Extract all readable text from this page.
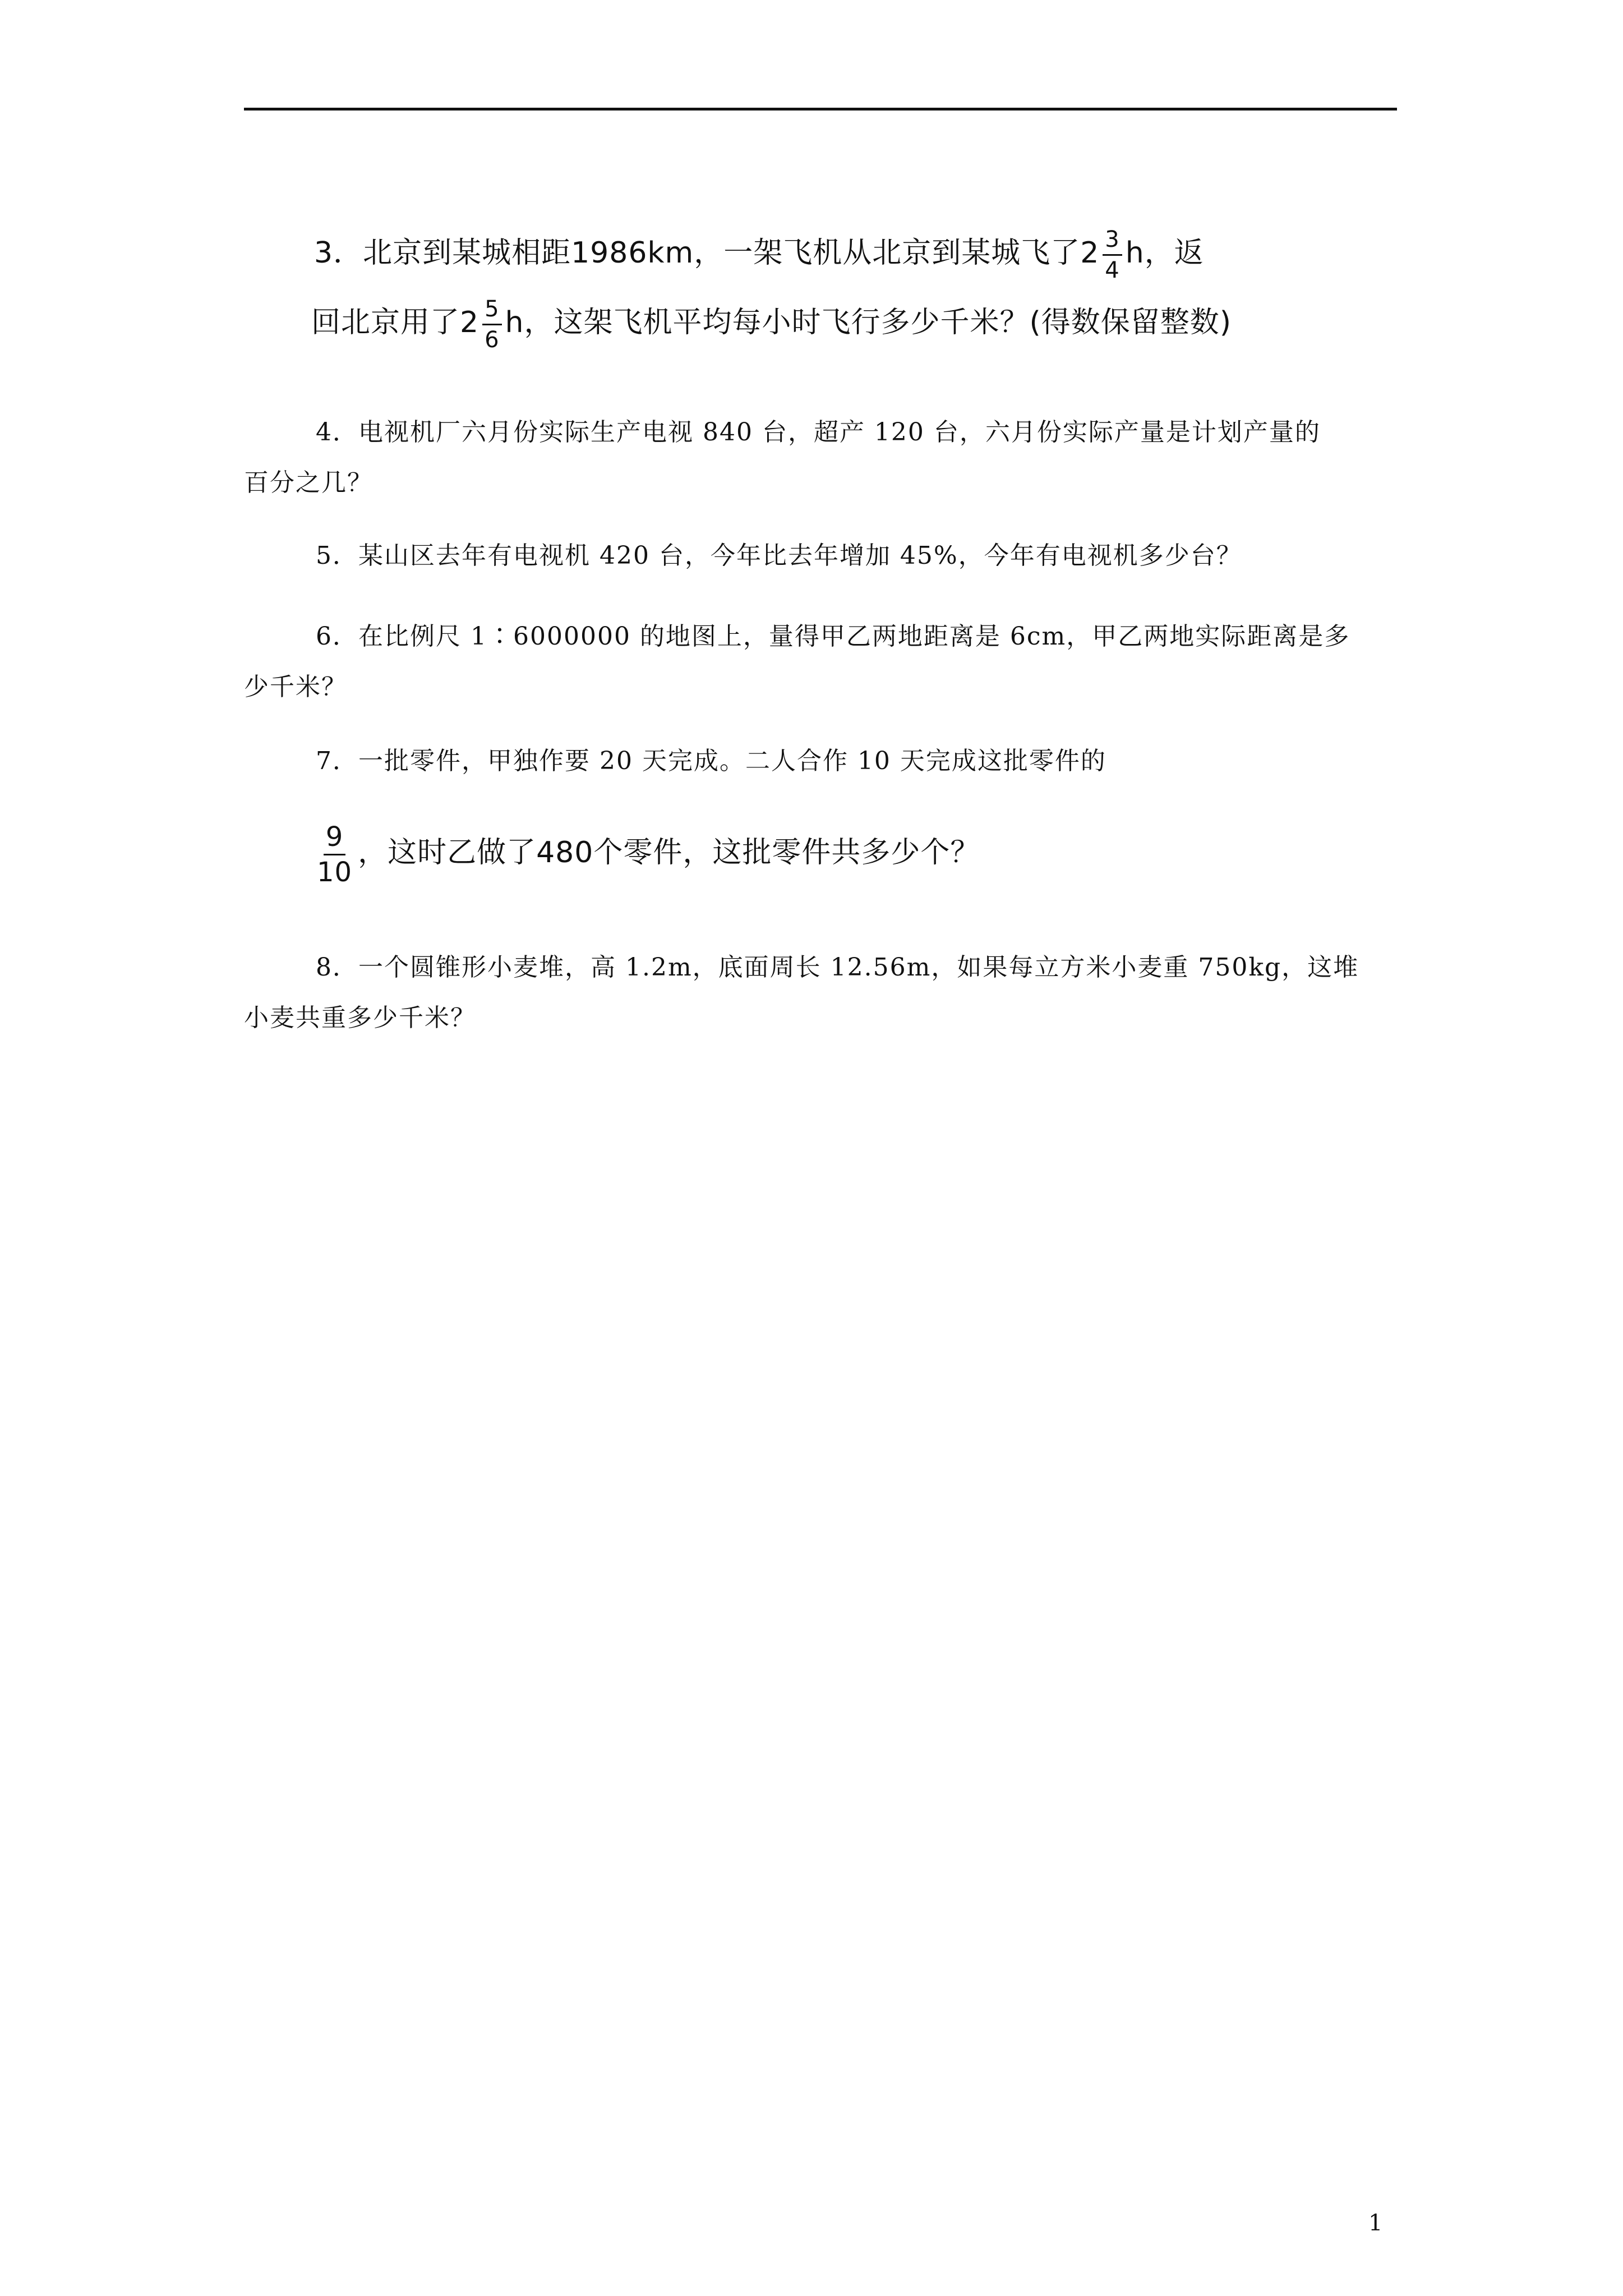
3．北京到某城相距1986km，一架飞机从北京到某城飞了$2 \frac{3}{4}$ h，返
回北京用了$2 \frac{5}{6}$ h，这架飞机平均每小时飞行多少千米？(得数保留整数)
4．电视机厂六月份实际生产电视 840 台，超产 120 台，六月份实际产量是计划产量的
百分之几？
5．某山区去年有电视机 420 台，今年比去年增加 45%，今年有电视机多少台？
6．在比例尺 1∶6000000 的地图上，量得甲乙两地距离是 6cm，甲乙两地实际距离是多
少千米？
7．一批零件，甲独作要 20 天完成。二人合作 10 天完成这批零件的
$\frac{9}{10}$ ，这时乙做了480个零件，这批零件共多少个？
8．一个圆锥形小麦堆，高 1.2m，底面周长 12.56m，如果每立方米小麦重 750kg，这堆
小麦共重多少千米？
1
